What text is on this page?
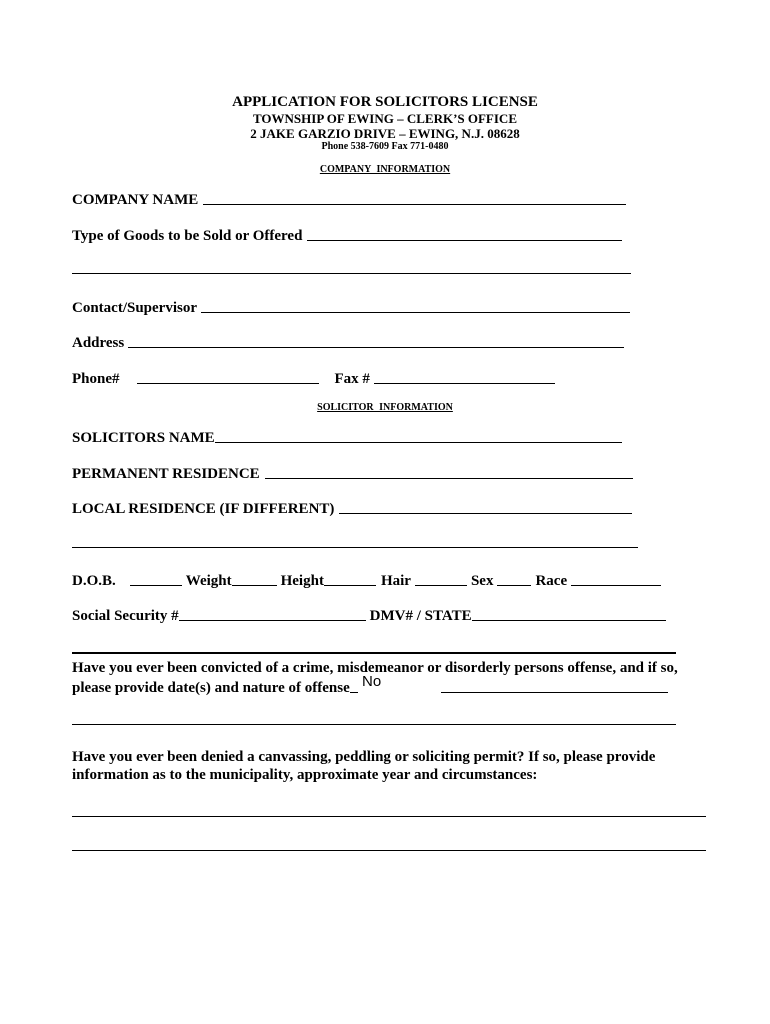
APPLICATION FOR SOLICITORS LICENSE
TOWNSHIP OF EWING – CLERK’S OFFICE
2 JAKE GARZIO DRIVE – EWING, N.J. 08628
Phone 538-7609 Fax 771-0480
COMPANY INFORMATION
COMPANY NAME
Type of Goods to be Sold or Offered
Contact/Supervisor
Address
Phone#	Fax #
SOLICITOR INFORMATION
SOLICITORS NAME
PERMANENT RESIDENCE
LOCAL RESIDENCE (IF DIFFERENT)
D.O.B.	Weight	Height	Hair	Sex	Race
Social Security #	DMV# / STATE
Have you ever been convicted of a crime, misdemeanor or disorderly persons offense, and if so,
please provide date(s) and nature of offense No
Have you ever been denied a canvassing, peddling or soliciting permit? If so, please provide
information as to the municipality, approximate year and circumstances:
